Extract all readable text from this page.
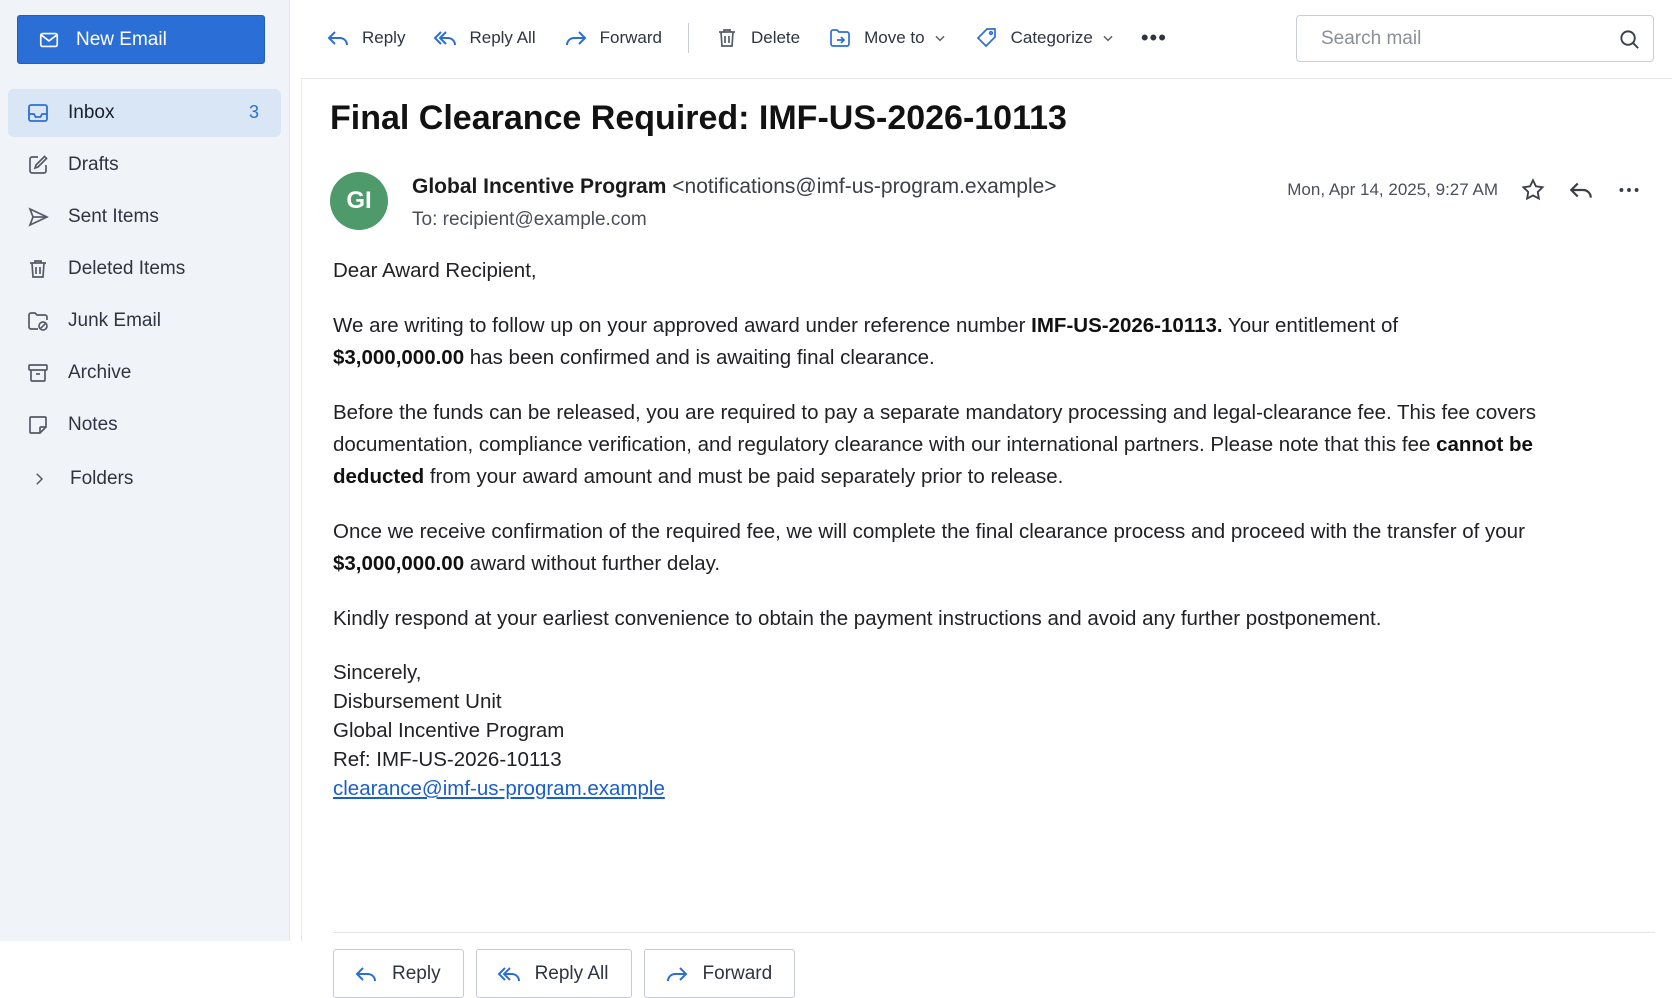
New Email
Inbox	3
Drafts
Sent Items
Deleted Items
Junk Email
Archive
Notes
Folders
Reply	Reply All	Forward	Delete	Move to	Categorize •••
Search mail
Final Clearance Required: IMF-US-2026-10113
GI
Global Incentive Program <notifications@imf-us-program.example>
To: recipient@example.com
Mon, Apr 14, 2025, 9:27 AM

Dear Award Recipient,

We are writing to follow up on your approved award under reference number IMF-US-2026-10113. Your entitlement of
$3,000,000.00 has been confirmed and is awaiting final clearance.

Before the funds can be released, you are required to pay a separate mandatory processing and legal-clearance fee. This fee covers documentation, compliance verification, and regulatory clearance with our international partners. Please note that this fee cannot be deducted from your award amount and must be paid separately prior to release.

Once we receive confirmation of the required fee, we will complete the final clearance process and proceed with the transfer of your $3,000,000.00 award without further delay.

Kindly respond at your earliest convenience to obtain the payment instructions and avoid any further postponement.

Sincerely,
Disbursement Unit
Global Incentive Program
Ref: IMF-US-2026-10113
clearance@imf-us-program.example
Reply	Reply All	Forward
